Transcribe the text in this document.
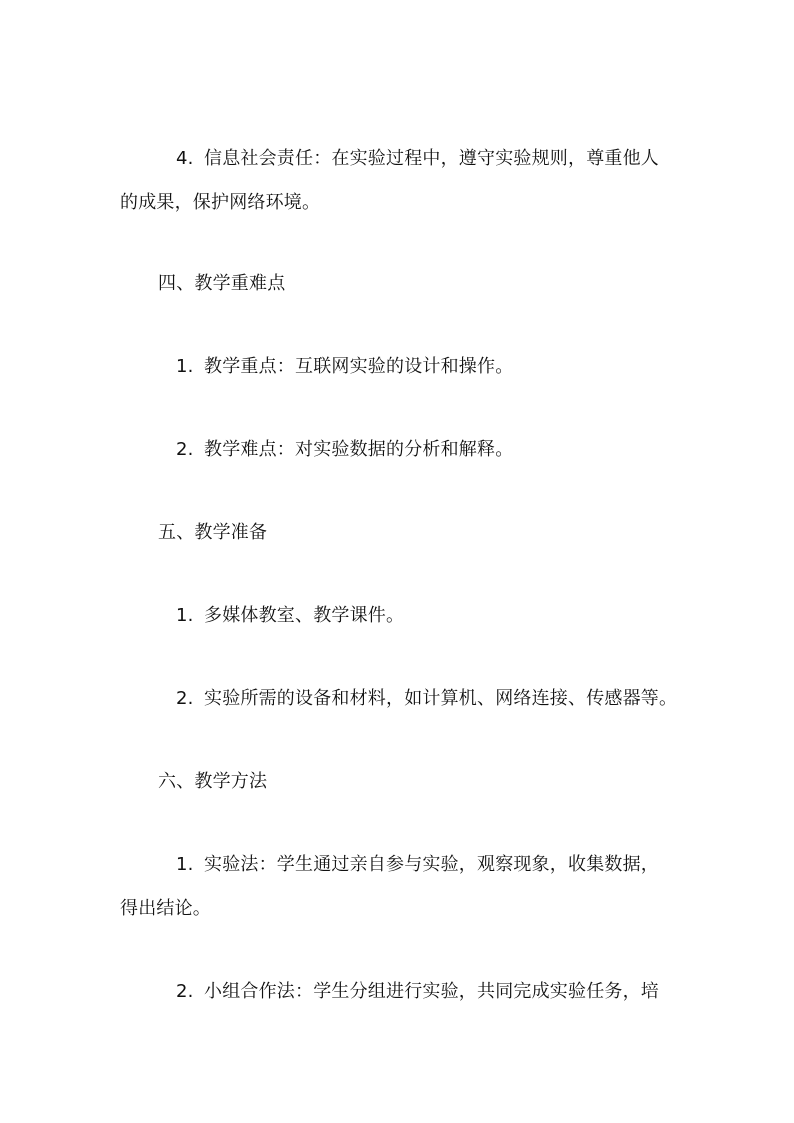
4. 信息社会责任：在实验过程中，遵守实验规则，尊重他人
的成果，保护网络环境。
四、教学重难点
1. 教学重点：互联网实验的设计和操作。
2. 教学难点：对实验数据的分析和解释。
五、教学准备
1. 多媒体教室、教学课件。
2. 实验所需的设备和材料，如计算机、网络连接、传感器等。
六、教学方法
1. 实验法：学生通过亲自参与实验，观察现象，收集数据，
得出结论。
2. 小组合作法：学生分组进行实验，共同完成实验任务，培
